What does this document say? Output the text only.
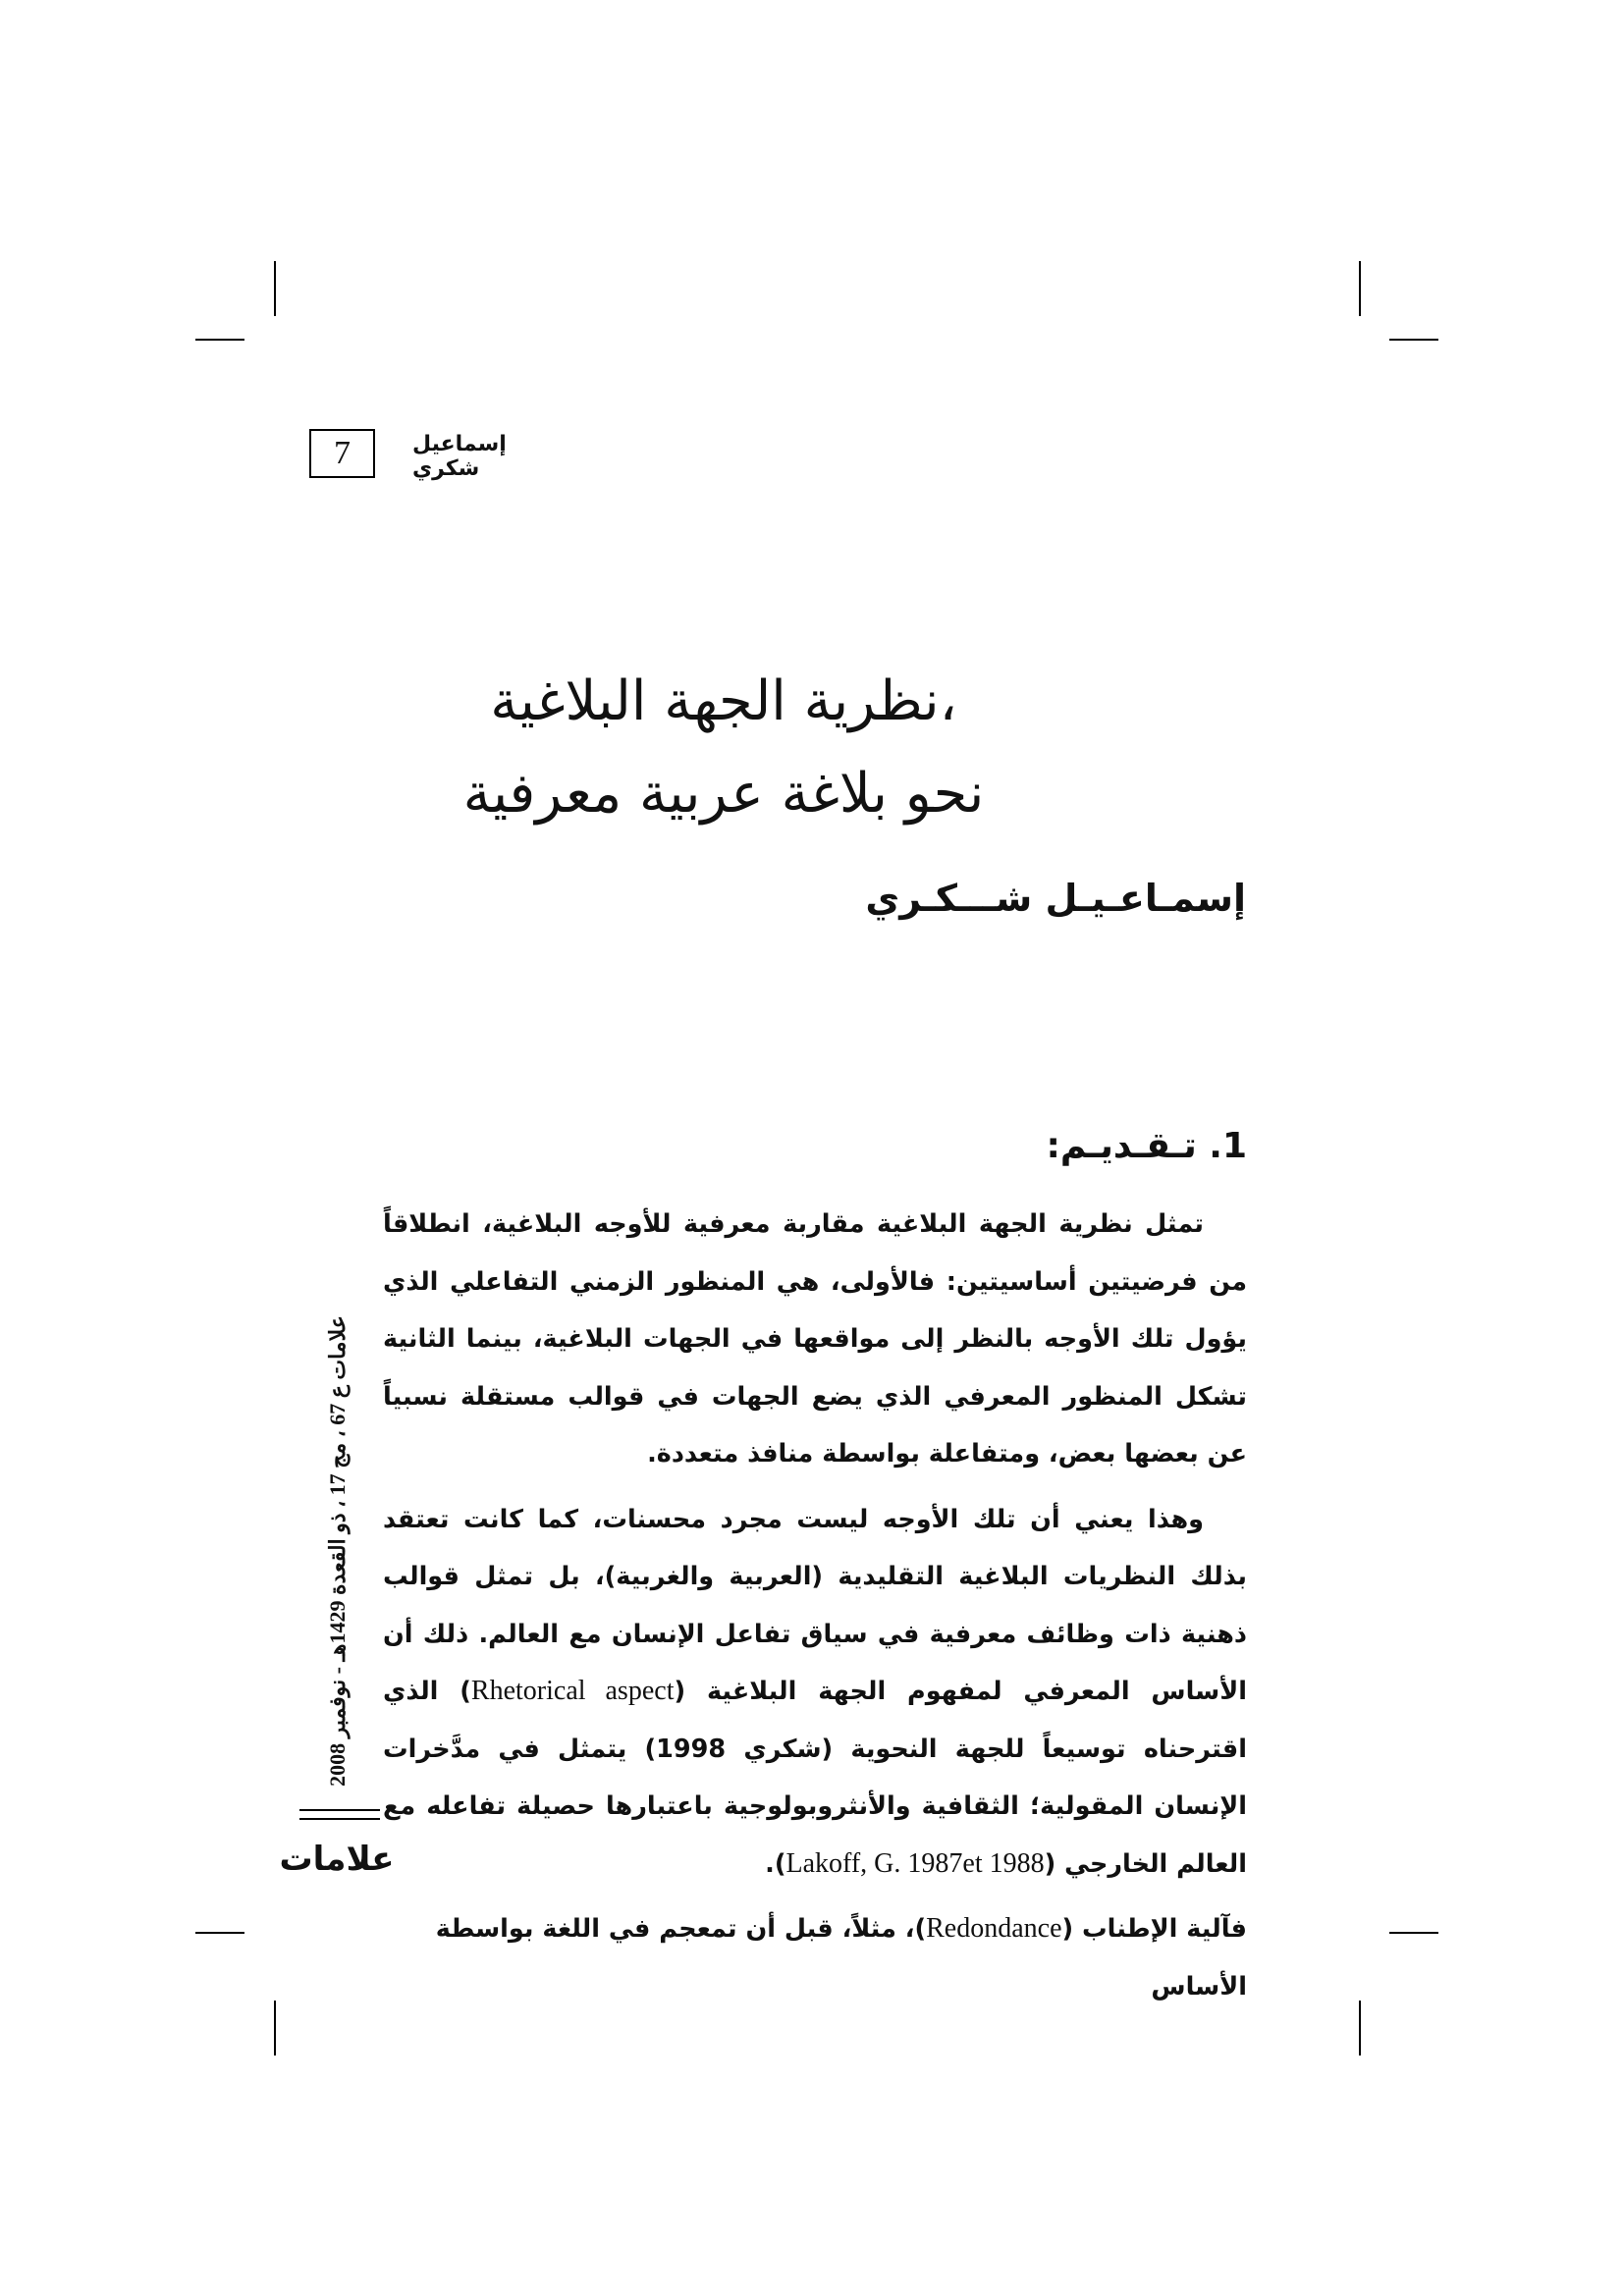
7	إسماعيل شكري
نظرية الجهة البلاغية،
نحو بلاغة عربية معرفية
إسمـاعـيـل شـــكـري
1. تـقـديـم:

تمثل نظرية الجهة البلاغية مقاربة معرفية للأوجه البلاغية، انطلاقاً من فرضيتين أساسيتين: فالأولى، هي المنظور الزمني التفاعلي الذي يؤول تلك الأوجه بالنظر إلى مواقعها في الجهات البلاغية، بينما الثانية تشكل المنظور المعرفي الذي يضع الجهات في قوالب مستقلة نسبياً عن بعضها بعض، ومتفاعلة بواسطة منافذ متعددة.

وهذا يعني أن تلك الأوجه ليست مجرد محسنات، كما كانت تعتقد بذلك النظريات البلاغية التقليدية (العربية والغربية)، بل تمثل قوالب ذهنية ذات وظائف معرفية في سياق تفاعل الإنسان مع العالم. ذلك أن الأساس المعرفي لمفهوم الجهة البلاغية (Rhetorical aspect) الذي اقترحناه توسيعاً للجهة النحوية (شكري 1998) يتمثل في مدَّخرات الإنسان المقولية؛ الثقافية والأنثروبولوجية باعتبارها حصيلة تفاعله مع العالم الخارجي (Lakoff, G. 1987et 1988).

فآلية الإطناب (Redondance)، مثلاً، قبل أن تمعجم في اللغة بواسطة الأساس

علامات ع 67 ، مج 17 ، ذو القعدة 1429هـ - نوفمبر 2008
علامات
